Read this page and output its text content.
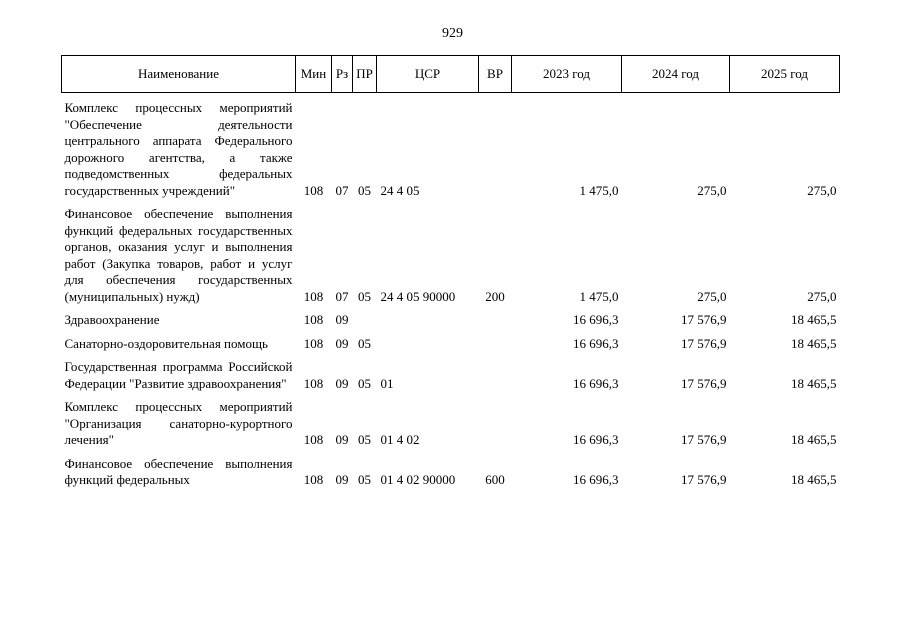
929
Наименование	Мин	Рз	ПР	ЦСР	ВР	2023 год	2024 год	2025 год
Комплекс процессных мероприятий "Обеспечение деятельности центрального аппарата Федерального дорожного агентства, а также подведомственных федеральных государственных учреждений"	108	07	05	24 4 05		1 475,0	275,0	275,0
Финансовое обеспечение выполнения функций федеральных государственных органов, оказания услуг и выполнения работ (Закупка товаров, работ и услуг для обеспечения государственных (муниципальных) нужд)	108	07	05	24 4 05 90000	200	1 475,0	275,0	275,0
Здравоохранение	108	09				16 696,3	17 576,9	18 465,5
Санаторно-оздоровительная помощь	108	09	05			16 696,3	17 576,9	18 465,5
Государственная программа Российской Федерации "Развитие здравоохранения"	108	09	05	01		16 696,3	17 576,9	18 465,5
Комплекс процессных мероприятий "Организация санаторно-курортного лечения"	108	09	05	01 4 02		16 696,3	17 576,9	18 465,5
Финансовое обеспечение выполнения функций федеральных	108	09	05	01 4 02 90000	600	16 696,3	17 576,9	18 465,5
